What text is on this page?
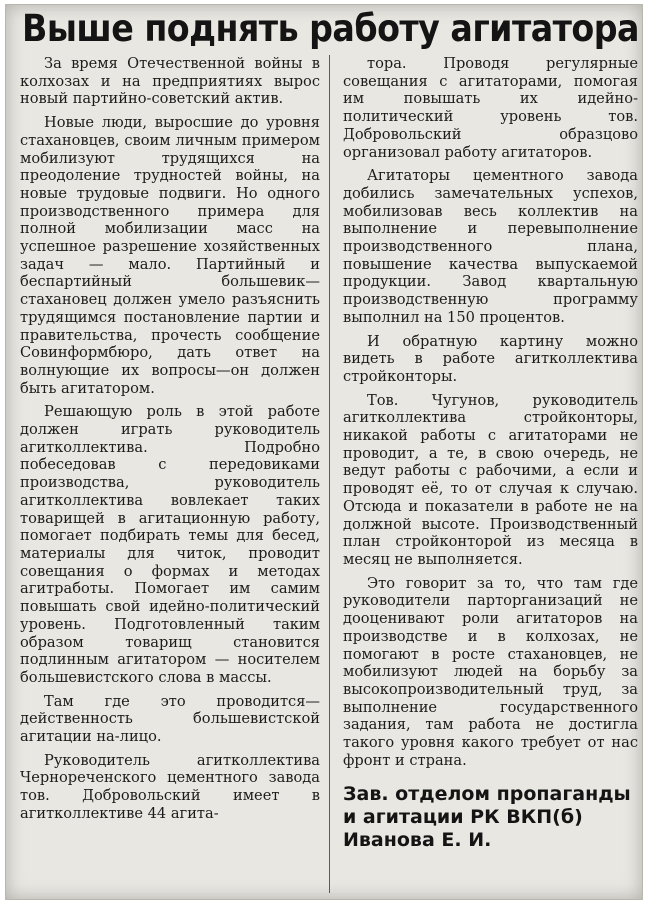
Выше поднять работу агитатора

За время Отечественной войны в колхозах и на предприятиях вырос новый партийно-советский актив.

Новые люди, выросшие до уровня стахановцев, своим личным примером мобилизуют трудящихся на преодоление трудностей войны, на новые трудовые подвиги. Но одного производственного примера для полной мобилизации масс на успешное разрешение хозяйственных задач — мало. Партийный и беспартийный большевик—стахановец должен умело разъяснить трудящимся постановление партии и правительства, прочесть сообщение Совинформбюро, дать ответ на волнующие их вопросы—он должен быть агитатором.

Решающую роль в этой работе должен играть руководитель агитколлектива. Подробно побеседовав с передовиками производства, руководитель агитколлектива вовлекает таких товарищей в агитационную работу, помогает подбирать темы для бесед, материалы для читок, проводит совещания о формах и методах агитработы. Помогает им самим повышать свой идейно-политический уровень. Подготовленный таким образом товарищ становится подлинным агитатором — носителем большевистского слова в массы.

Там где это проводится—действенность большевистской агитации на-лицо.

Руководитель агитколлектива Чернореченского цементного завода тов. Добровольский имеет в агитколлективе 44 агита-

тора. Проводя регулярные совещания с агитаторами, помогая им повышать их идейно-политический уровень тов. Добровольский образцово организовал работу агитаторов.

Агитаторы цементного завода добились замечательных успехов, мобилизовав весь коллектив на выполнение и перевыполнение производственного плана, повышение качества выпускаемой продукции. Завод квартальную производственную программу выполнил на 150 процентов.

И обратную картину можно видеть в работе агитколлектива стройконторы.

Тов. Чугунов, руководитель агитколлектива стройконторы, никакой работы с агитаторами не проводит, а те, в свою очередь, не ведут работы с рабочими, а если и проводят её, то от случая к случаю. Отсюда и показатели в работе не на должной высоте. Производственный план стройконторой из месяца в месяц не выполняется.

Это говорит за то, что там где руководители парторганизаций не дооценивают роли агитаторов на производстве и в колхозах, не помогают в росте стахановцев, не мобилизуют людей на борьбу за высокопроизводительный труд, за выполнение государственного задания, там работа не достигла такого уровня какого требует от нас фронт и страна.

Зав. отделом пропаганды и агитации РК ВКП(б)
Иванова Е. И.
